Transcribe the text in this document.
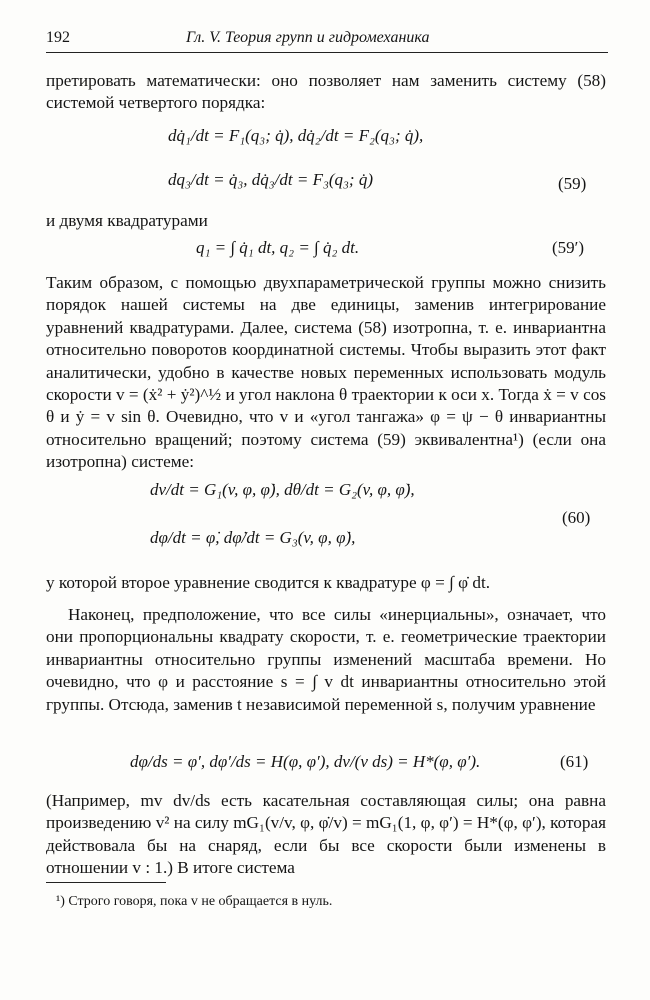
192	Гл. V. Теория групп и гидромеханика
претировать математически: оно позволяет нам заменить систему (58) системой четвертого порядка:
dq̇₁/dt = F₁(q₃; q̇), dq̇₂/dt = F₂(q₃; q̇),
dq₃/dt = q̇₃, dq̇₃/dt = F₃(q₃; q̇)	(59)
и двумя квадратурами
q₁ = ∫ q̇₁ dt, q₂ = ∫ q̇₂ dt.	(59′)
Таким образом, с помощью двухпараметрической группы можно снизить порядок нашей системы на две единицы, заменив интегрирование уравнений квадратурами. Далее, система (58) изотропна, т. е. инвариантна относительно поворотов координатной системы. Чтобы выразить этот факт аналитически, удобно в качестве новых переменных использовать модуль скорости v = (ẋ² + ẏ²)^½ и угол наклона θ траектории к оси x. Тогда ẋ = v cos θ и ẏ = v sin θ. Очевидно, что v и «угол тангажа» φ = ψ − θ инвариантны относительно вращений; поэтому система (59) эквивалентна¹) (если она изотропна) системе:
dv/dt = G₁(v, φ, φ̇), dθ/dt = G₂(v, φ, φ̇),
dφ/dt = φ̇, dφ̇/dt = G₃(v, φ, φ̇),
(60)
у которой второе уравнение сводится к квадратуре φ = ∫ φ̇ dt.
Наконец, предположение, что все силы «инерциальны», означает, что они пропорциональны квадрату скорости, т. е. геометрические траектории инвариантны относительно группы изменений масштаба времени. Но очевидно, что φ и расстояние s = ∫ v dt инвариантны относительно этой группы. Отсюда, заменив t независимой переменной s, получим уравнение
dφ/ds = φ′, dφ′/ds = H(φ, φ′), dv/(v ds) = H*(φ, φ′).	(61)
(Например, mv dv/ds есть касательная составляющая силы; она равна произведению v² на силу mG₁(v/v, φ, φ̇/v) = mG₁(1, φ, φ′) = H*(φ, φ′), которая действовала бы на снаряд, если бы все скорости были изменены в отношении v : 1.) В итоге система
¹) Строго говоря, пока v не обращается в нуль.
